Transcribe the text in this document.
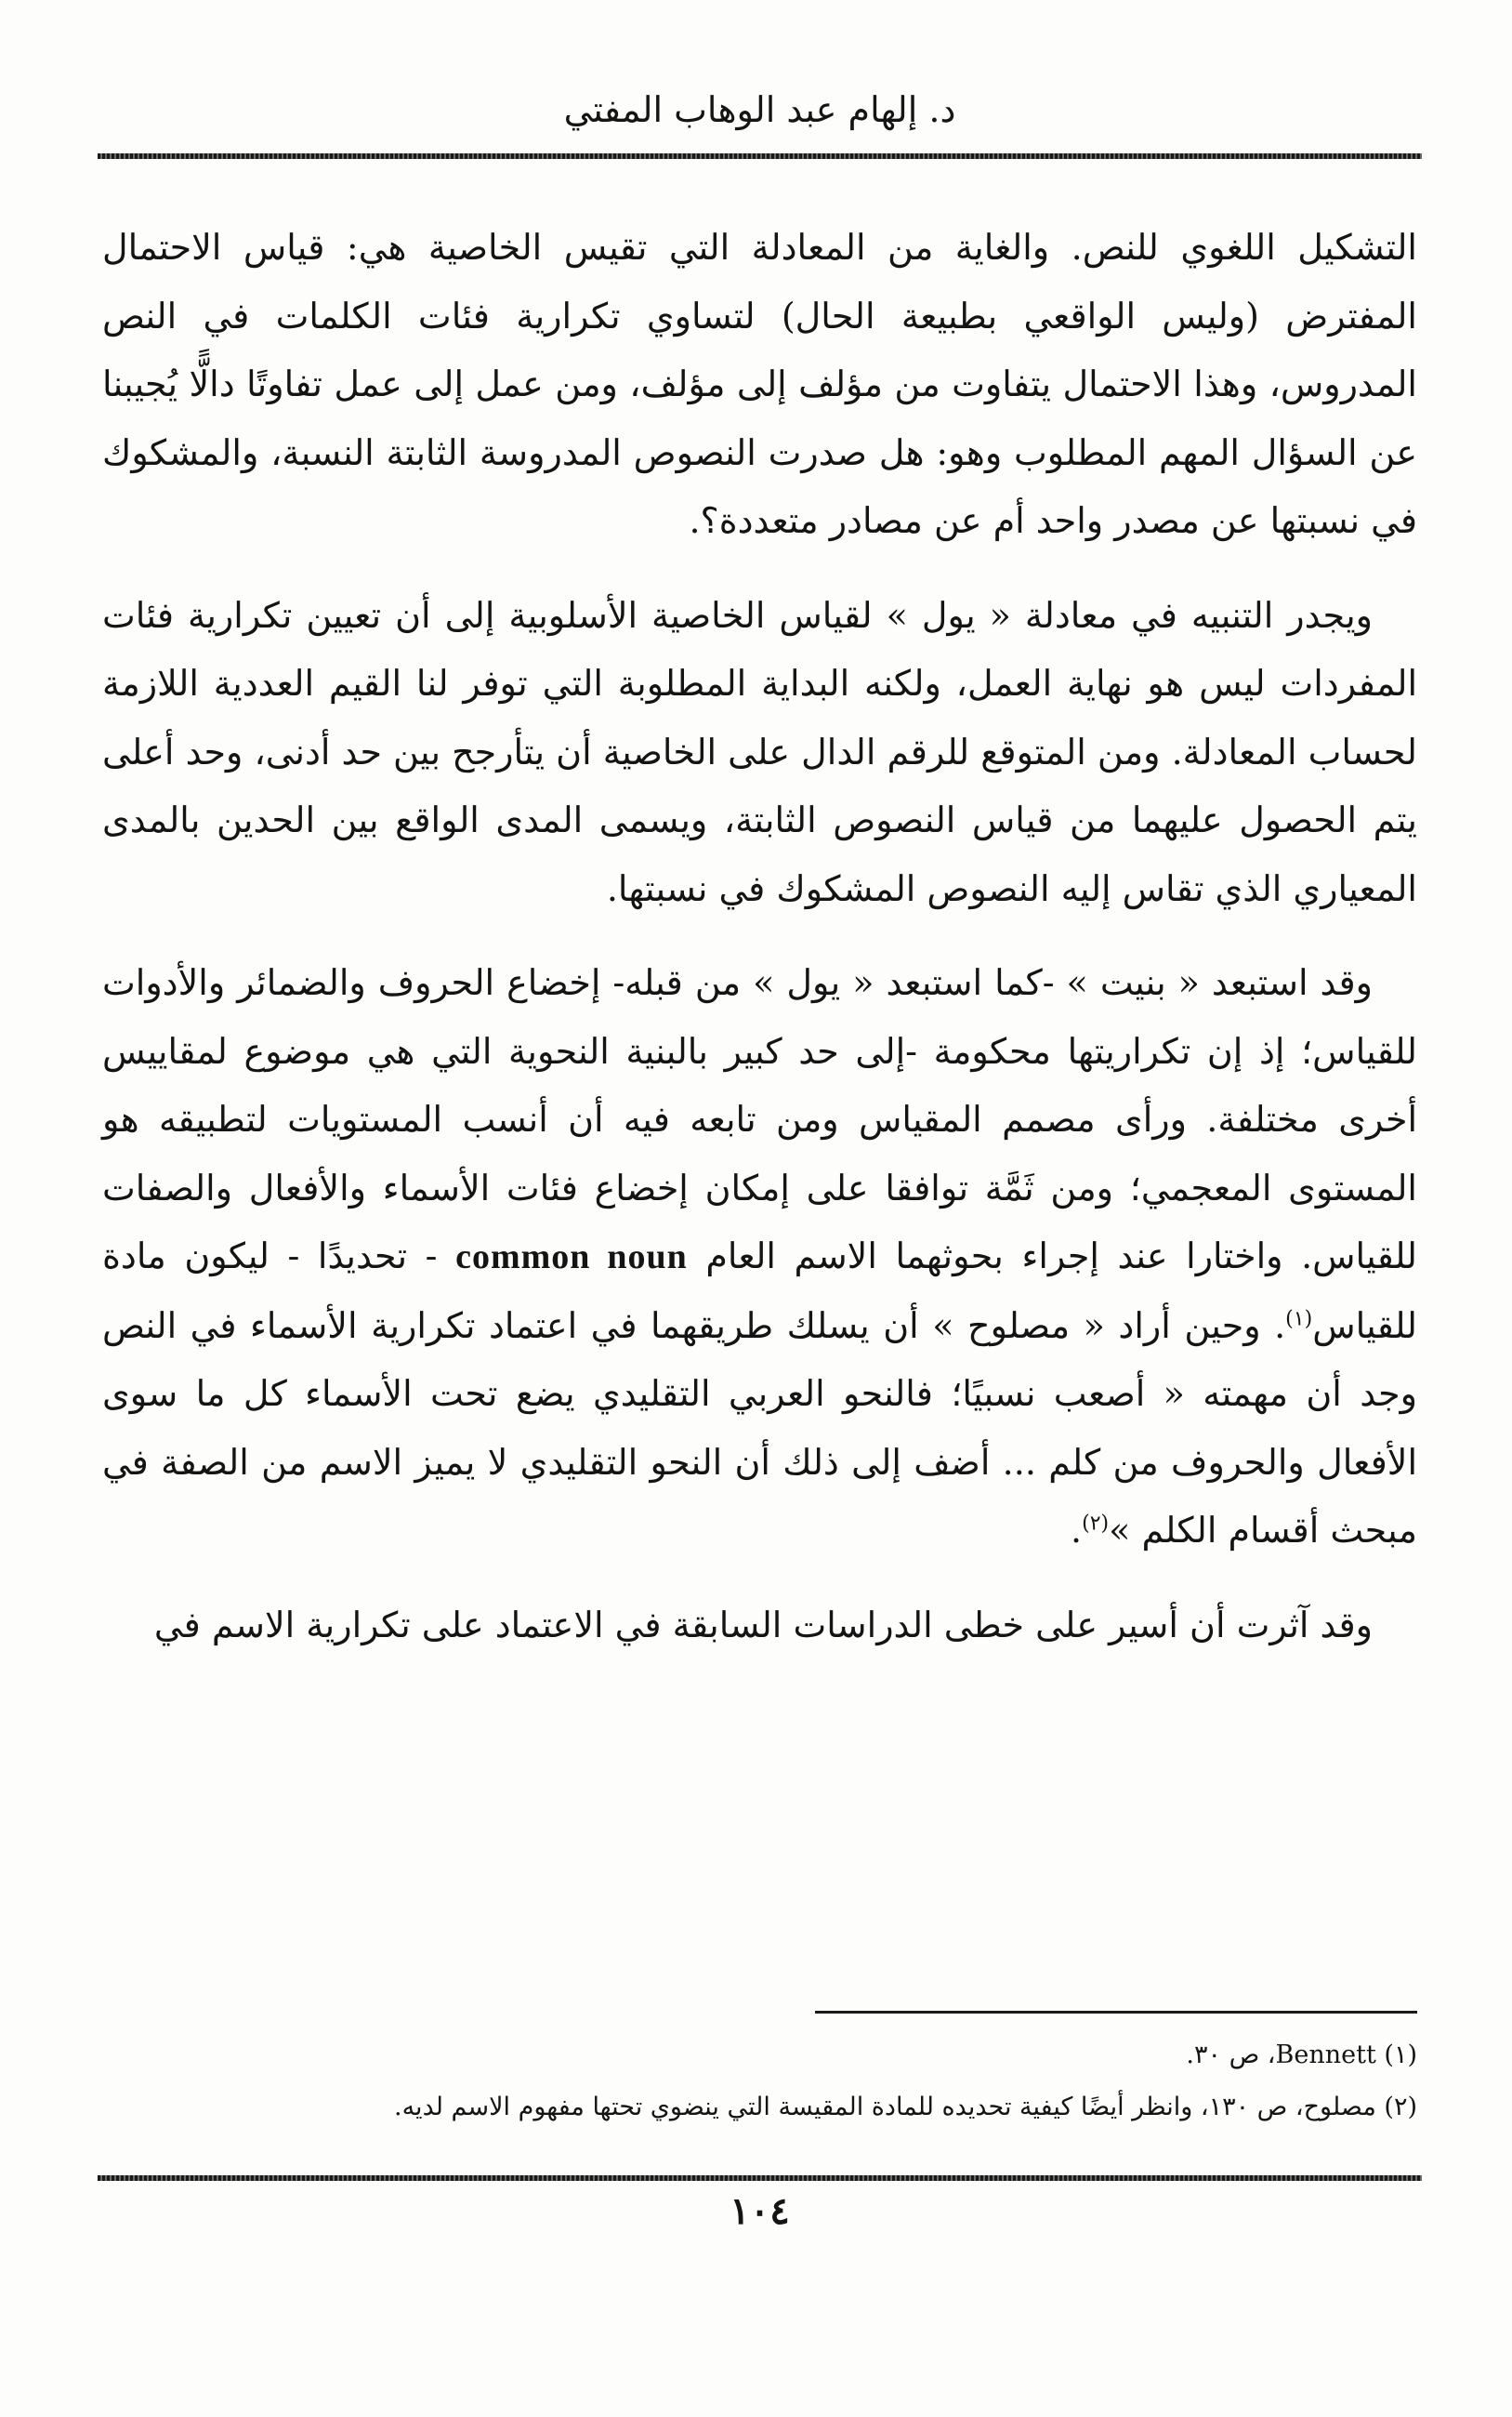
د. إلهام عبد الوهاب المفتي

التشكيل اللغوي للنص. والغاية من المعادلة التي تقيس الخاصية هي: قياس الاحتمال المفترض (وليس الواقعي بطبيعة الحال) لتساوي تكرارية فئات الكلمات في النص المدروس، وهذا الاحتمال يتفاوت من مؤلف إلى مؤلف، ومن عمل إلى عمل تفاوتًا دالًّا يُجيبنا عن السؤال المهم المطلوب وهو: هل صدرت النصوص المدروسة الثابتة النسبة، والمشكوك في نسبتها عن مصدر واحد أم عن مصادر متعددة؟.

ويجدر التنبيه في معادلة « يول » لقياس الخاصية الأسلوبية إلى أن تعيين تكرارية فئات المفردات ليس هو نهاية العمل، ولكنه البداية المطلوبة التي توفر لنا القيم العددية اللازمة لحساب المعادلة. ومن المتوقع للرقم الدال على الخاصية أن يتأرجح بين حد أدنى، وحد أعلى يتم الحصول عليهما من قياس النصوص الثابتة، ويسمى المدى الواقع بين الحدين بالمدى المعياري الذي تقاس إليه النصوص المشكوك في نسبتها.

وقد استبعد « بنيت » -كما استبعد « يول » من قبله- إخضاع الحروف والضمائر والأدوات للقياس؛ إذ إن تكراريتها محكومة -إلى حد كبير بالبنية النحوية التي هي موضوع لمقاييس أخرى مختلفة. ورأى مصمم المقياس ومن تابعه فيه أن أنسب المستويات لتطبيقه هو المستوى المعجمي؛ ومن ثَمَّة توافقا على إمكان إخضاع فئات الأسماء والأفعال والصفات للقياس. واختارا عند إجراء بحوثهما الاسم العام common noun - تحديدًا - ليكون مادة للقياس$^{(١)}$. وحين أراد « مصلوح » أن يسلك طريقهما في اعتماد تكرارية الأسماء في النص وجد أن مهمته « أصعب نسبيًا؛ فالنحو العربي التقليدي يضع تحت الأسماء كل ما سوى الأفعال والحروف من كلم ... أضف إلى ذلك أن النحو التقليدي لا يميز الاسم من الصفة في مبحث أقسام الكلم »$^{(٢)}$.

وقد آثرت أن أسير على خطى الدراسات السابقة في الاعتماد على تكرارية الاسم في

(١) Bennett، ص ٣٠.

(٢) مصلوح، ص ١٣٠، وانظر أيضًا كيفية تحديده للمادة المقيسة التي ينضوي تحتها مفهوم الاسم لديه.

١٠٤
